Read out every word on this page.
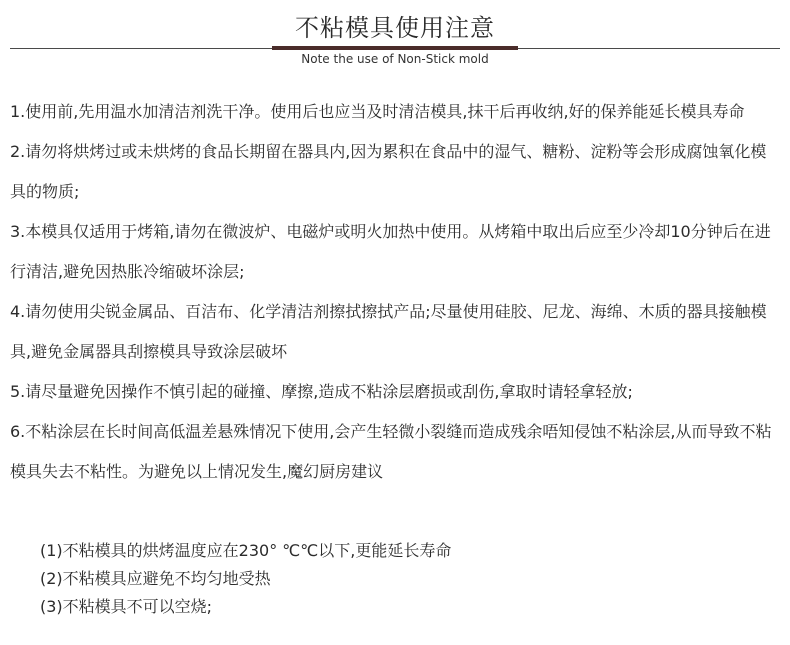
不粘模具使用注意
Note the use of Non-Stick mold

1.使用前,先用温水加清洁剂洗干净。使用后也应当及时清洁模具,抹干后再收纳,好的保养能延长模具寿命

2.请勿将烘烤过或未烘烤的食品长期留在器具内,因为累积在食品中的湿气、糖粉、淀粉等会形成腐蚀氧化模具的物质;

3.本模具仅适用于烤箱,请勿在微波炉、电磁炉或明火加热中使用。从烤箱中取出后应至少冷却10分钟后在进行清洁,避免因热胀冷缩破坏涂层;

4.请勿使用尖锐金属品、百洁布、化学清洁剂擦拭擦拭产品;尽量使用硅胶、尼龙、海绵、木质的器具接触模具,避免金属器具刮擦模具导致涂层破坏

5.请尽量避免因操作不慎引起的碰撞、摩擦,造成不粘涂层磨损或刮伤,拿取时请轻拿轻放;

6.不粘涂层在长时间高低温差悬殊情况下使用,会产生轻微小裂缝而造成残余唔知侵蚀不粘涂层,从而导致不粘模具失去不粘性。为避免以上情况发生,魔幻厨房建议

(1)不粘模具的烘烤温度应在230° ℃℃以下,更能延长寿命

(2)不粘模具应避免不均匀地受热

(3)不粘模具不可以空烧;
